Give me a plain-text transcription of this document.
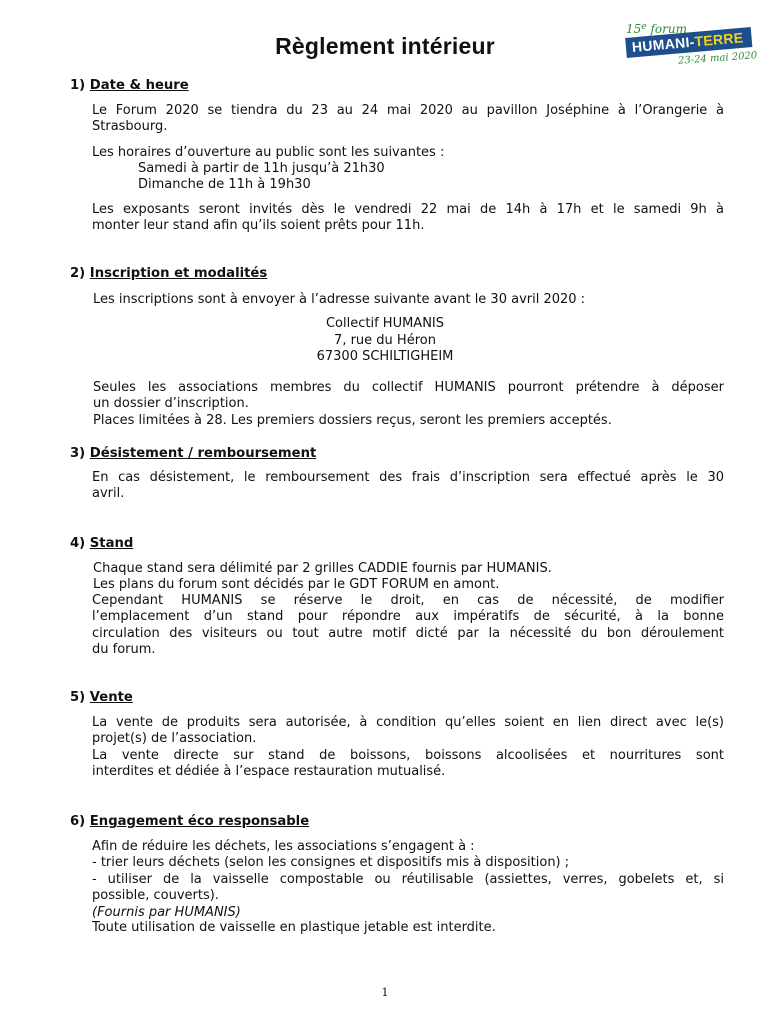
15e forum
HUMANI-TERRE
23-24 mai 2020
Règlement intérieur
1) Date & heure
Le Forum 2020 se tiendra du 23 au 24 mai 2020 au pavillon Joséphine à l’Orangerie à
Strasbourg.
Les horaires d’ouverture au public sont les suivantes :
Samedi à partir de 11h jusqu’à 21h30
Dimanche de 11h à 19h30
Les exposants seront invités dès le vendredi 22 mai de 14h à 17h et le samedi 9h à
monter leur stand afin qu’ils soient prêts pour 11h.
2) Inscription et modalités
Les inscriptions sont à envoyer à l’adresse suivante avant le 30 avril 2020 :
Collectif HUMANIS
7, rue du Héron
67300 SCHILTIGHEIM
Seules les associations membres du collectif HUMANIS pourront prétendre à déposer
un dossier d’inscription.
Places limitées à 28. Les premiers dossiers reçus, seront les premiers acceptés.
3) Désistement / remboursement
En cas désistement, le remboursement des frais d’inscription sera effectué après le 30
avril.
4) Stand
Chaque stand sera délimité par 2 grilles CADDIE fournis par HUMANIS.
Les plans du forum sont décidés par le GDT FORUM en amont.
Cependant HUMANIS se réserve le droit, en cas de nécessité, de modifier
l’emplacement d’un stand pour répondre aux impératifs de sécurité, à la bonne
circulation des visiteurs ou tout autre motif dicté par la nécessité du bon déroulement
du forum.
5) Vente
La vente de produits sera autorisée, à condition qu’elles soient en lien direct avec le(s)
projet(s) de l’association.
La vente directe sur stand de boissons, boissons alcoolisées et nourritures sont
interdites et dédiée à l’espace restauration mutualisé.
6) Engagement éco responsable
Afin de réduire les déchets, les associations s’engagent à :
- trier leurs déchets (selon les consignes et dispositifs mis à disposition) ;
- utiliser de la vaisselle compostable ou réutilisable (assiettes, verres, gobelets et, si
possible, couverts).
(Fournis par HUMANIS)
Toute utilisation de vaisselle en plastique jetable est interdite.
1
